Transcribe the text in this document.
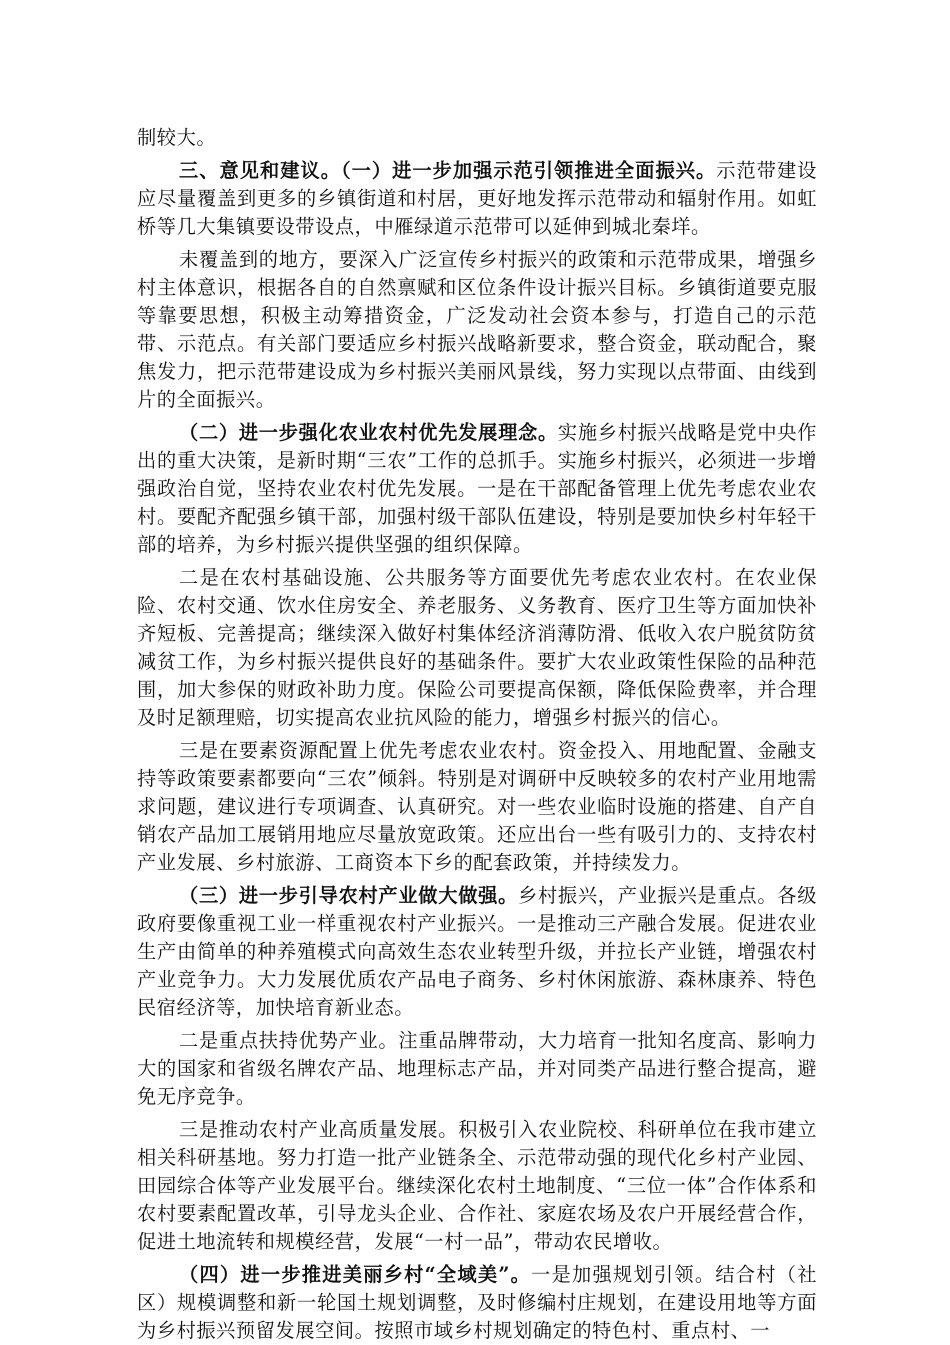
制较大。

三、意见和建议。（一）进一步加强示范引领推进全面振兴。示范带建设应尽量覆盖到更多的乡镇街道和村居，更好地发挥示范带动和辐射作用。如虹桥等几大集镇要设带设点，中雁绿道示范带可以延伸到城北秦垟。

未覆盖到的地方，要深入广泛宣传乡村振兴的政策和示范带成果，增强乡村主体意识，根据各自的自然禀赋和区位条件设计振兴目标。乡镇街道要克服等靠要思想，积极主动筹措资金，广泛发动社会资本参与，打造自己的示范带、示范点。有关部门要适应乡村振兴战略新要求，整合资金，联动配合，聚焦发力，把示范带建设成为乡村振兴美丽风景线，努力实现以点带面、由线到片的全面振兴。

（二）进一步强化农业农村优先发展理念。实施乡村振兴战略是党中央作出的重大决策，是新时期“三农”工作的总抓手。实施乡村振兴，必须进一步增强政治自觉，坚持农业农村优先发展。一是在干部配备管理上优先考虑农业农村。要配齐配强乡镇干部，加强村级干部队伍建设，特别是要加快乡村年轻干部的培养，为乡村振兴提供坚强的组织保障。

二是在农村基础设施、公共服务等方面要优先考虑农业农村。在农业保险、农村交通、饮水住房安全、养老服务、义务教育、医疗卫生等方面加快补齐短板、完善提高；继续深入做好村集体经济消薄防滑、低收入农户脱贫防贫减贫工作，为乡村振兴提供良好的基础条件。要扩大农业政策性保险的品种范围，加大参保的财政补助力度。保险公司要提高保额，降低保险费率，并合理及时足额理赔，切实提高农业抗风险的能力，增强乡村振兴的信心。

三是在要素资源配置上优先考虑农业农村。资金投入、用地配置、金融支持等政策要素都要向“三农”倾斜。特别是对调研中反映较多的农村产业用地需求问题，建议进行专项调查、认真研究。对一些农业临时设施的搭建、自产自销农产品加工展销用地应尽量放宽政策。还应出台一些有吸引力的、支持农村产业发展、乡村旅游、工商资本下乡的配套政策，并持续发力。

（三）进一步引导农村产业做大做强。乡村振兴，产业振兴是重点。各级政府要像重视工业一样重视农村产业振兴。一是推动三产融合发展。促进农业生产由简单的种养殖模式向高效生态农业转型升级，并拉长产业链，增强农村产业竞争力。大力发展优质农产品电子商务、乡村休闲旅游、森林康养、特色民宿经济等，加快培育新业态。

二是重点扶持优势产业。注重品牌带动，大力培育一批知名度高、影响力大的国家和省级名牌农产品、地理标志产品，并对同类产品进行整合提高，避免无序竞争。

三是推动农村产业高质量发展。积极引入农业院校、科研单位在我市建立相关科研基地。努力打造一批产业链条全、示范带动强的现代化乡村产业园、田园综合体等产业发展平台。继续深化农村土地制度、“三位一体”合作体系和农村要素配置改革，引导龙头企业、合作社、家庭农场及农户开展经营合作，促进土地流转和规模经营，发展“一村一品”，带动农民增收。

（四）进一步推进美丽乡村“全域美”。一是加强规划引领。结合村（社区）规模调整和新一轮国土规划调整，及时修编村庄规划，在建设用地等方面为乡村振兴预留发展空间。按照市域乡村规划确定的特色村、重点村、一
